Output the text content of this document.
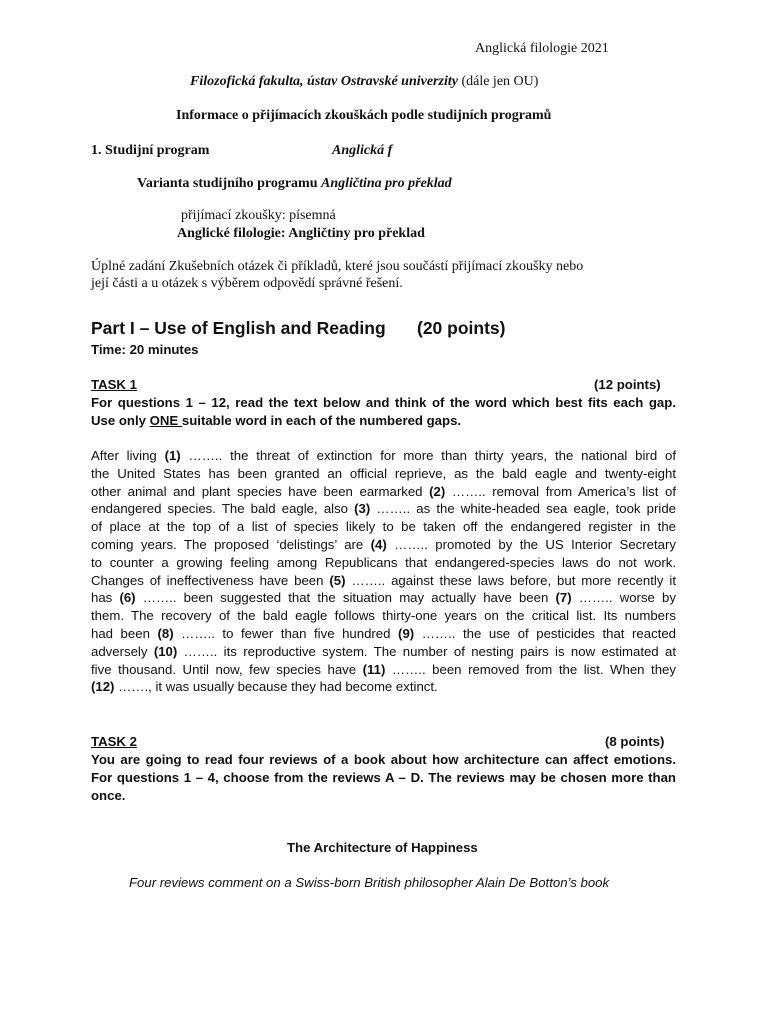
Anglická filologie 2021
Filozofická fakulta, ústav Ostravské univerzity (dále jen OU)
Informace o přijímacích zkouškách podle studijních programů
1. Studijní program	Anglická f
Varianta studijního programu Angličtina pro překlad
přijímací zkoušky: písemná
Anglické filologie: Angličtiny pro překlad
Úplné zadání Zkušebních otázek či příkladů, které jsou součástí přijímací zkoušky nebo
její části a u otázek s výběrem odpovědí správné řešení.
Part I – Use of English and Reading (20 points)
Time: 20 minutes
TASK 1	(12 points)
For questions 1 – 12, read the text below and think of the word which best fits each gap.
Use only ONE suitable word in each of the numbered gaps.
After living (1) …….. the threat of extinction for more than thirty years, the national bird of
the United States has been granted an official reprieve, as the bald eagle and twenty-eight
other animal and plant species have been earmarked (2) …….. removal from America’s list of
endangered species. The bald eagle, also (3) …….. as the white-headed sea eagle, took pride
of place at the top of a list of species likely to be taken off the endangered register in the
coming years. The proposed ‘delistings’ are (4) …….. promoted by the US Interior Secretary
to counter a growing feeling among Republicans that endangered-species laws do not work.
Changes of ineffectiveness have been (5) …….. against these laws before, but more recently it
has (6) …….. been suggested that the situation may actually have been (7) …….. worse by
them. The recovery of the bald eagle follows thirty-one years on the critical list. Its numbers
had been (8) …….. to fewer than five hundred (9) …….. the use of pesticides that reacted
adversely (10) …….. its reproductive system. The number of nesting pairs is now estimated at
five thousand. Until now, few species have (11) …….. been removed from the list. When they
(12) ……., it was usually because they had become extinct.
TASK 2	(8 points)
You are going to read four reviews of a book about how architecture can affect emotions.
For questions 1 – 4, choose from the reviews A – D. The reviews may be chosen more than
once.
The Architecture of Happiness
Four reviews comment on a Swiss-born British philosopher Alain De Botton’s book
